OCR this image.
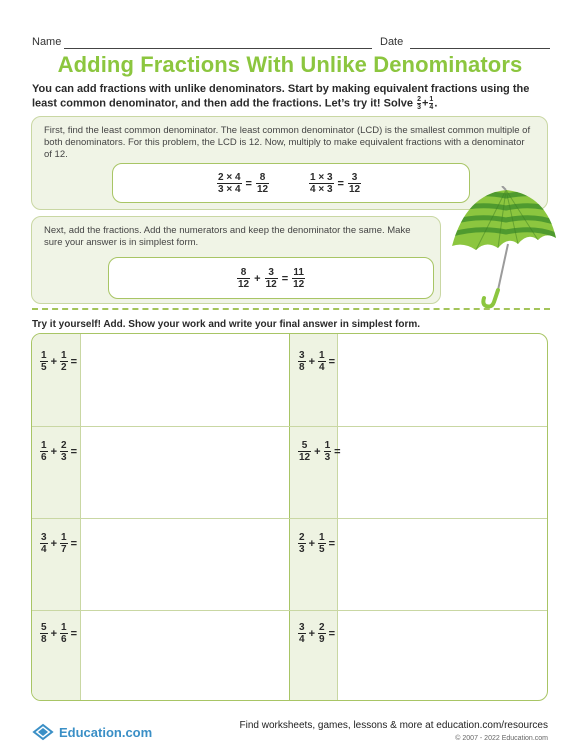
Name	Date
Adding Fractions With Unlike Denominators
You can add fractions with unlike denominators. Start by making equivalent fractions using the least common denominator, and then add the fractions. Let’s try it! Solve $\frac{2}{3} + \frac{1}{4}$ .
First, find the least common denominator. The least common denominator (LCD) is the smallest common multiple of both denominators. For this problem, the LCD is 12. Now, multiply to make equivalent fractions with a denominator of 12.
$\frac{2 \times 4}{3 \times 4} = \frac{8}{12}$	$\frac{1 \times 3}{4 \times 3} = \frac{3}{12}$
Next, add the fractions. Add the numerators and keep the denominator the same. Make sure your answer is in simplest form.
$\frac{8}{12} + \frac{3}{12} = \frac{11}{12}$
Try it yourself! Add. Show your work and write your final answer in simplest form.
$\frac{1}{5} + \frac{1}{2}$ =	$\frac{3}{8} + \frac{1}{4}$ =
$\frac{1}{6} + \frac{2}{3}$ =	$\frac{5}{12} + \frac{1}{3}$ =
$\frac{3}{4} + \frac{1}{7}$ =	$\frac{2}{3} + \frac{1}{5}$ =
$\frac{5}{8} + \frac{1}{6}$ =	$\frac{3}{4} + \frac{2}{9}$ =
Education.com	Find worksheets, games, lessons & more at education.com/resources
© 2007 - 2022 Education.com
